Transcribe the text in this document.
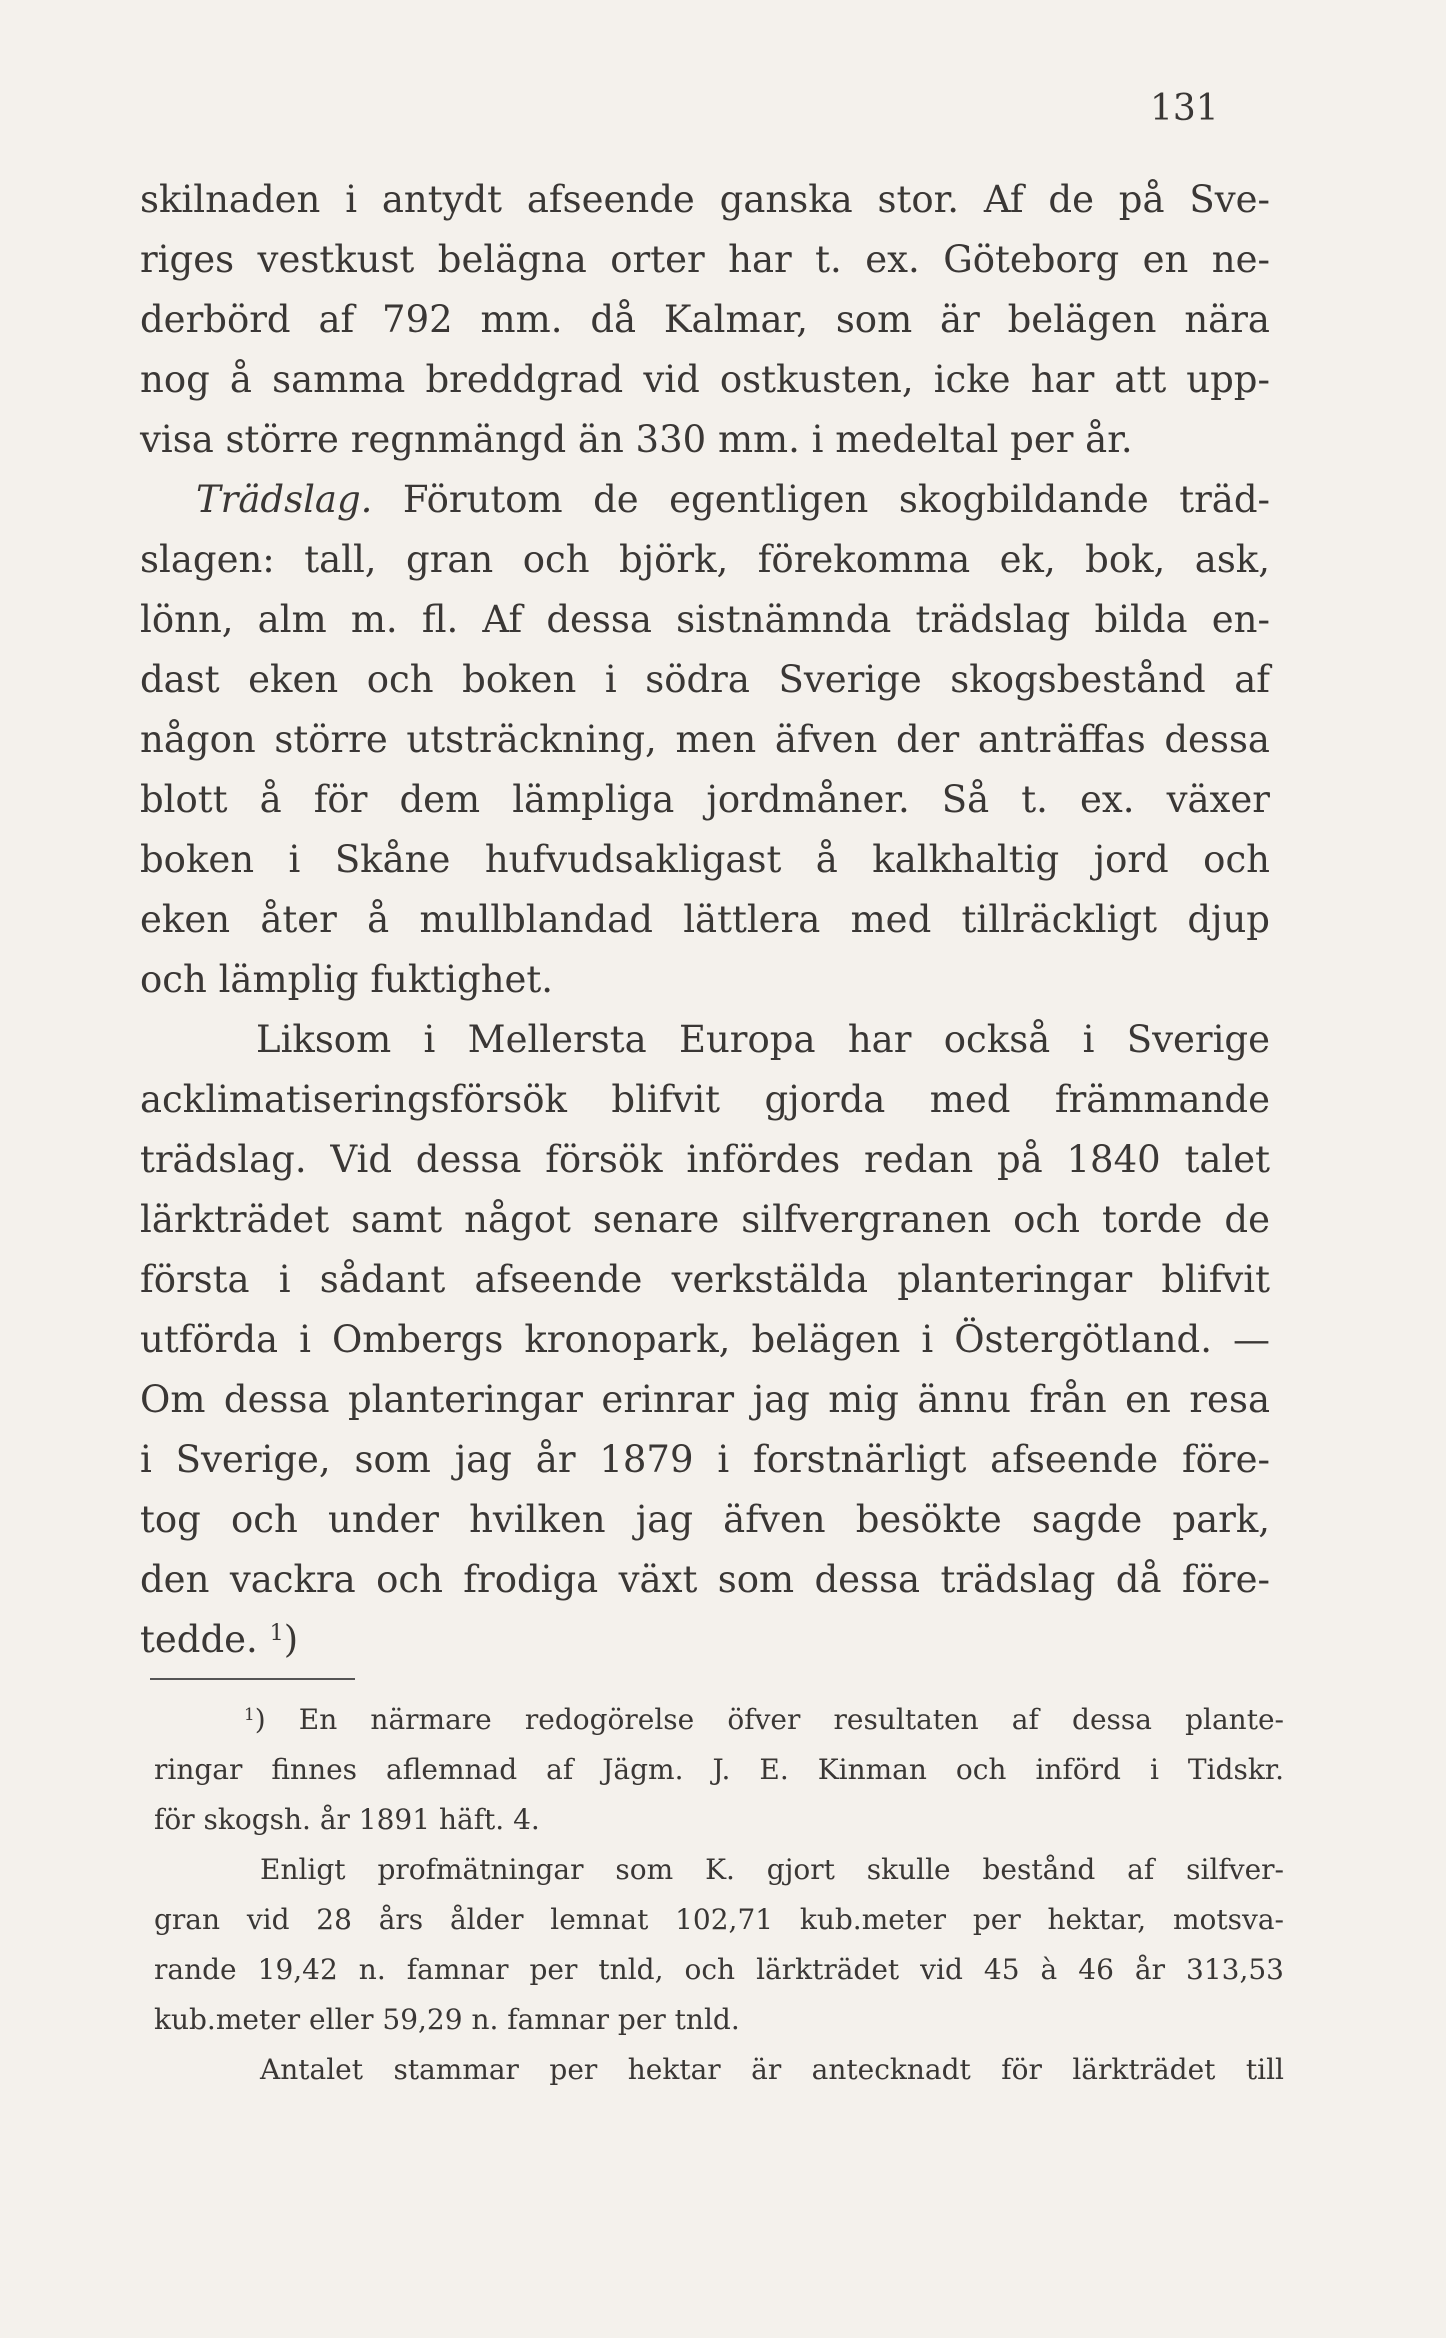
131
skilnaden i antydt afseende ganska stor. Af de på Sve-
riges vestkust belägna orter har t. ex. Göteborg en ne-
derbörd af 792 mm. då Kalmar, som är belägen nära
nog å samma breddgrad vid ostkusten, icke har att upp-
visa större regnmängd än 330 mm. i medeltal per år.
Trädslag. Förutom de egentligen skogbildande träd-
slagen: tall, gran och björk, förekomma ek, bok, ask,
lönn, alm m. fl. Af dessa sistnämnda trädslag bilda en-
dast eken och boken i södra Sverige skogsbestånd af
någon större utsträckning, men äfven der anträffas dessa
blott å för dem lämpliga jordmåner. Så t. ex. växer
boken i Skåne hufvudsakligast å kalkhaltig jord och
eken åter å mullblandad lättlera med tillräckligt djup
och lämplig fuktighet.
Liksom i Mellersta Europa har också i Sverige
acklimatiseringsförsök blifvit gjorda med främmande
trädslag. Vid dessa försök infördes redan på 1840 talet
lärkträdet samt något senare silfvergranen och torde de
första i sådant afseende verkstälda planteringar blifvit
utförda i Ombergs kronopark, belägen i Östergötland. —
Om dessa planteringar erinrar jag mig ännu från en resa
i Sverige, som jag år 1879 i forstnärligt afseende före-
tog och under hvilken jag äfven besökte sagde park,
den vackra och frodiga växt som dessa trädslag då före-
tedde. $^1$)
$^1$) En närmare redogörelse öfver resultaten af dessa plante-
ringar finnes aflemnad af Jägm. J. E. Kinman och införd i Tidskr.
för skogsh. år 1891 häft. 4.
Enligt profmätningar som K. gjort skulle bestånd af silfver-
gran vid 28 års ålder lemnat 102,71 kub.meter per hektar, motsva-
rande 19,42 n. famnar per tnld, och lärkträdet vid 45 à 46 år 313,53
kub.meter eller 59,29 n. famnar per tnld.
Antalet stammar per hektar är antecknadt för lärkträdet till
